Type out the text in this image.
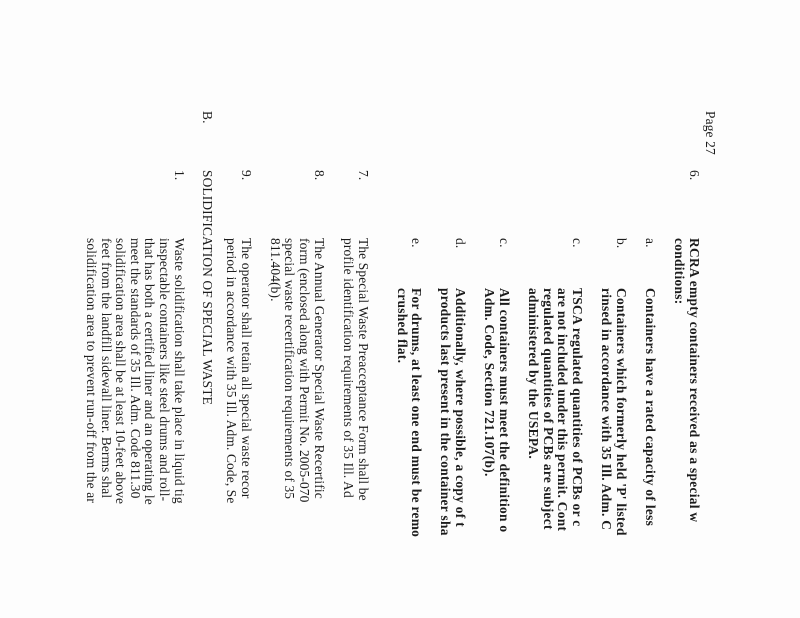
Page 27
6.
RCRA empty containers received as a special w
conditions:
a.
Containers have a rated capacity of less
b.
Containers which formerly held 'P' listed
rinsed in accordance with 35 Ill. Adm. C
c.
TSCA regulated quantities of PCBs or c
are not included under this permit. Cont
regulated quantities of PCBs are subject
administered by the USEPA.
c.
All containers must meet the definition o
Adm. Code, Section 721.107(b).
d.
Additionally, where possible, a copy of t
products last present in the container sha
e.
For drums, at least one end must be remo
crushed flat.
7.
The Special Waste Preacceptance Form shall be
profile identification requirements of 35 Ill. Ad
8.
The Annual Generator Special Waste Recertific
form (enclosed along with Permit No. 2005-070
special waste recertification requirements of 35
811.404(b).
9.
The operator shall retain all special waste recor
period in accordance with 35 Ill. Adm. Code, Se
B.
SOLIDIFICATION OF SPECIAL WASTE
1.
Waste solidification shall take place in liquid tig
inspectable containers like steel drums and roll-
that has both a certified liner and an operating le
meet the standards of 35 Ill. Adm. Code 811.30
solidification area shall be at least 10-feet above
feet from the landfill sidewall liner. Berms shal
solidification area to prevent run-off from the ar
